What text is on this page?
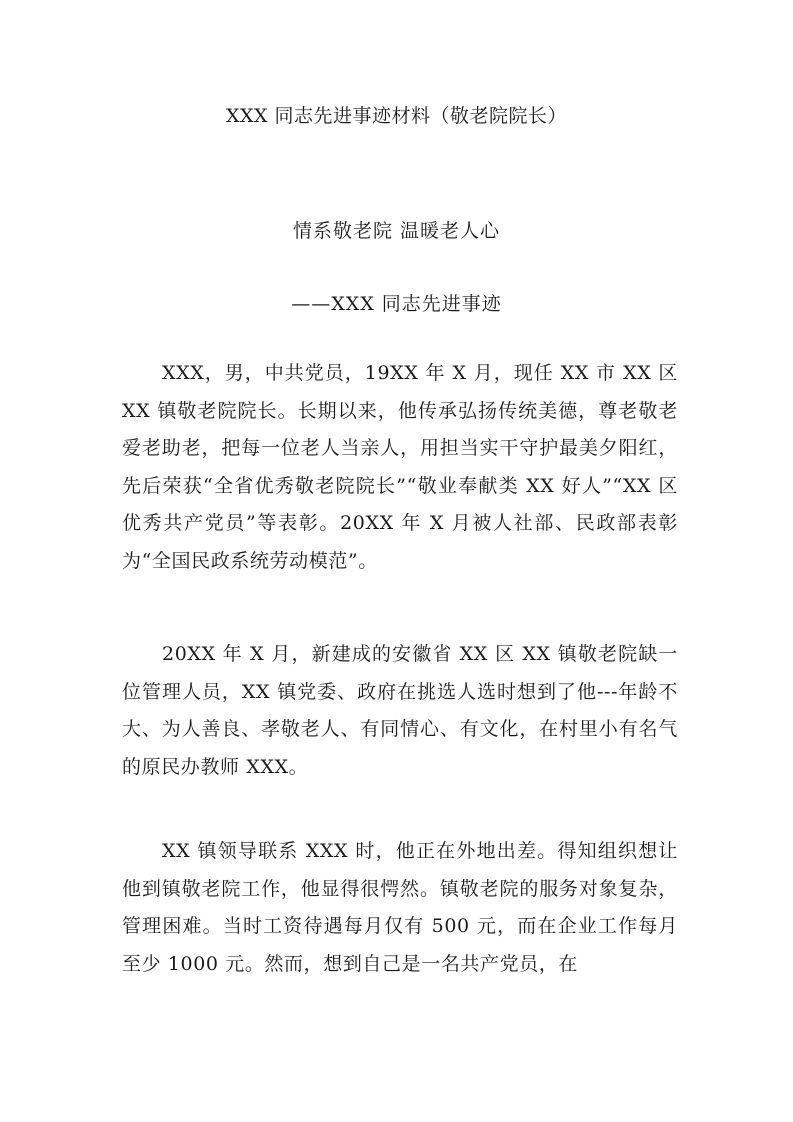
XXX 同志先进事迹材料（敬老院院长）
情系敬老院 温暖老人心
——XXX 同志先进事迹

XXX，男，中共党员，19XX 年 X 月，现任 XX 市 XX 区 XX 镇敬老院院长。长期以来，他传承弘扬传统美德，尊老敬老爱老助老，把每一位老人当亲人，用担当实干守护最美夕阳红，先后荣获“全省优秀敬老院院长”“敬业奉献类 XX 好人”“XX 区优秀共产党员”等表彰。20XX 年 X 月被人社部、民政部表彰为“全国民政系统劳动模范”。

20XX 年 X 月，新建成的安徽省 XX 区 XX 镇敬老院缺一位管理人员，XX 镇党委、政府在挑选人选时想到了他---年龄不大、为人善良、孝敬老人、有同情心、有文化，在村里小有名气的原民办教师 XXX。

XX 镇领导联系 XXX 时，他正在外地出差。得知组织想让他到镇敬老院工作，他显得很愕然。镇敬老院的服务对象复杂，管理困难。当时工资待遇每月仅有 500 元，而在企业工作每月至少 1000 元。然而，想到自己是一名共产党员，在
